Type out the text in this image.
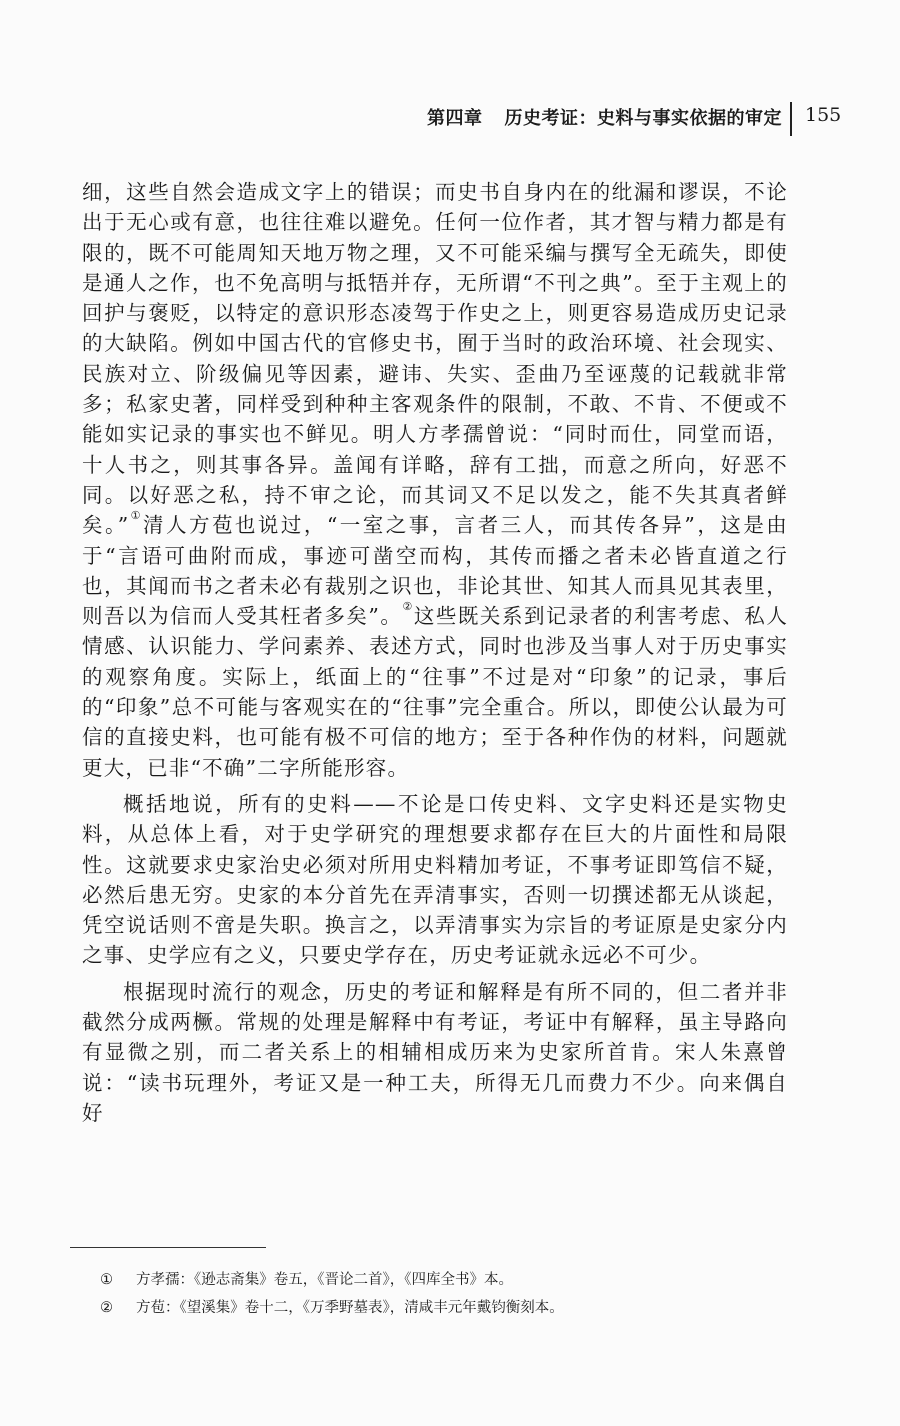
第四章 历史考证：史料与事实依据的审定 155

细，这些自然会造成文字上的错误；而史书自身内在的纰漏和谬误，不论出于无心或有意，也往往难以避免。任何一位作者，其才智与精力都是有限的，既不可能周知天地万物之理，又不可能采编与撰写全无疏失，即使是通人之作，也不免高明与抵牾并存，无所谓“不刊之典”。至于主观上的回护与褒贬，以特定的意识形态凌驾于作史之上，则更容易造成历史记录的大缺陷。例如中国古代的官修史书，囿于当时的政治环境、社会现实、民族对立、阶级偏见等因素，避讳、失实、歪曲乃至诬蔑的记载就非常多；私家史著，同样受到种种主客观条件的限制，不敢、不肯、不便或不能如实记录的事实也不鲜见。明人方孝孺曾说：“同时而仕，同堂而语，十人书之，则其事各异。盖闻有详略，辞有工拙，而意之所向，好恶不同。以好恶之私，持不审之论，而其词又不足以发之，能不失其真者鲜矣。”①清人方苞也说过，“一室之事，言者三人，而其传各异”，这是由于“言语可曲附而成，事迹可凿空而构，其传而播之者未必皆直道之行也，其闻而书之者未必有裁别之识也，非论其世、知其人而具见其表里，则吾以为信而人受其枉者多矣”。②这些既关系到记录者的利害考虑、私人情感、认识能力、学问素养、表述方式，同时也涉及当事人对于历史事实的观察角度。实际上，纸面上的“往事”不过是对“印象”的记录，事后的“印象”总不可能与客观实在的“往事”完全重合。所以，即使公认最为可信的直接史料，也可能有极不可信的地方；至于各种作伪的材料，问题就更大，已非“不确”二字所能形容。

概括地说，所有的史料——不论是口传史料、文字史料还是实物史料，从总体上看，对于史学研究的理想要求都存在巨大的片面性和局限性。这就要求史家治史必须对所用史料精加考证，不事考证即笃信不疑，必然后患无穷。史家的本分首先在弄清事实，否则一切撰述都无从谈起，凭空说话则不啻是失职。换言之，以弄清事实为宗旨的考证原是史家分内之事、史学应有之义，只要史学存在，历史考证就永远必不可少。

根据现时流行的观念，历史的考证和解释是有所不同的，但二者并非截然分成两橛。常规的处理是解释中有考证，考证中有解释，虽主导路向有显微之别，而二者关系上的相辅相成历来为史家所首肯。宋人朱熹曾说：“读书玩理外，考证又是一种工夫，所得无几而费力不少。向来偶自好

① 方孝孺：《逊志斋集》卷五，《晋论二首》，《四库全书》本。
② 方苞：《望溪集》卷十二，《万季野墓表》，清咸丰元年戴钧衡刻本。
